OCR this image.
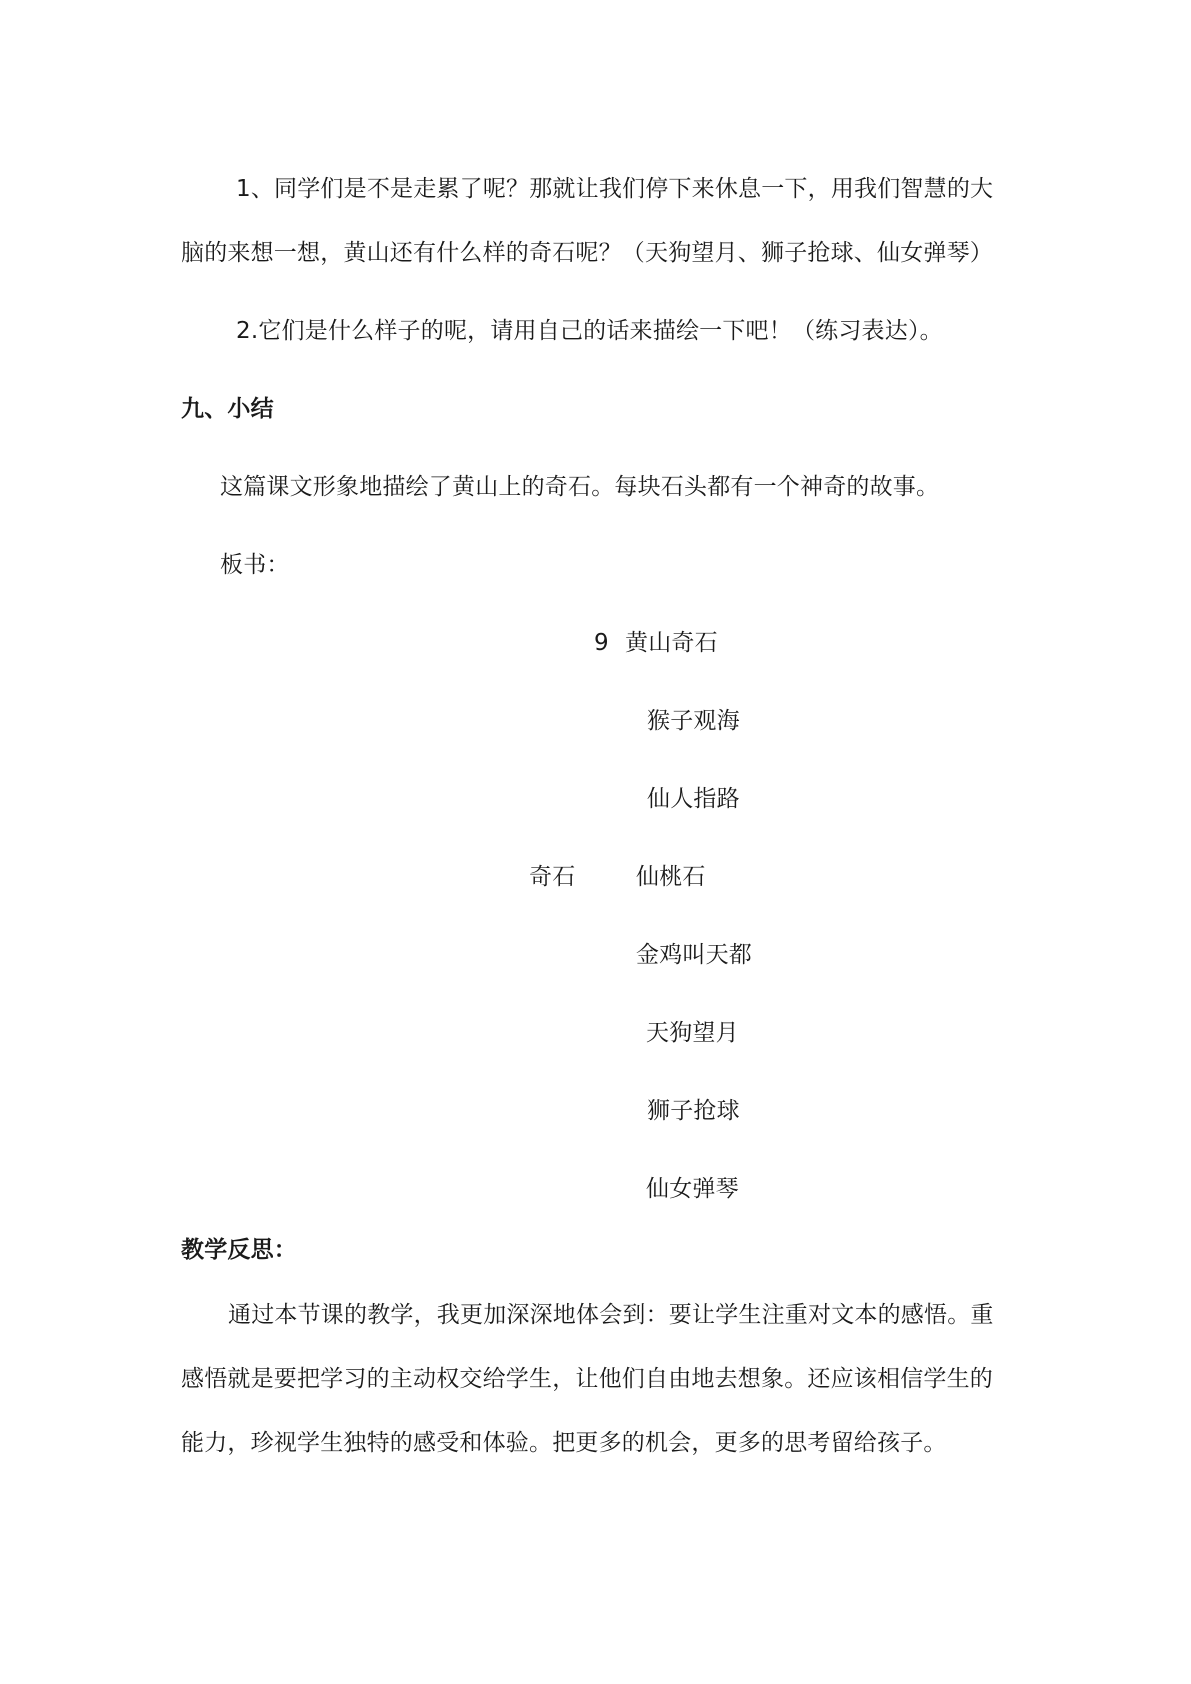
1、同学们是不是走累了呢？那就让我们停下来休息一下，用我们智慧的大
脑的来想一想，黄山还有什么样的奇石呢？（天狗望月、狮子抢球、仙女弹琴）
2.它们是什么样子的呢，请用自己的话来描绘一下吧！（练习表达）。
九、小结
这篇课文形象地描绘了黄山上的奇石。每块石头都有一个神奇的故事。
板书：
9 黄山奇石
猴子观海
仙人指路
奇石	仙桃石
金鸡叫天都
天狗望月
狮子抢球
仙女弹琴
教学反思：
通过本节课的教学，我更加深深地体会到：要让学生注重对文本的感悟。重
感悟就是要把学习的主动权交给学生，让他们自由地去想象。还应该相信学生的
能力，珍视学生独特的感受和体验。把更多的机会，更多的思考留给孩子。
